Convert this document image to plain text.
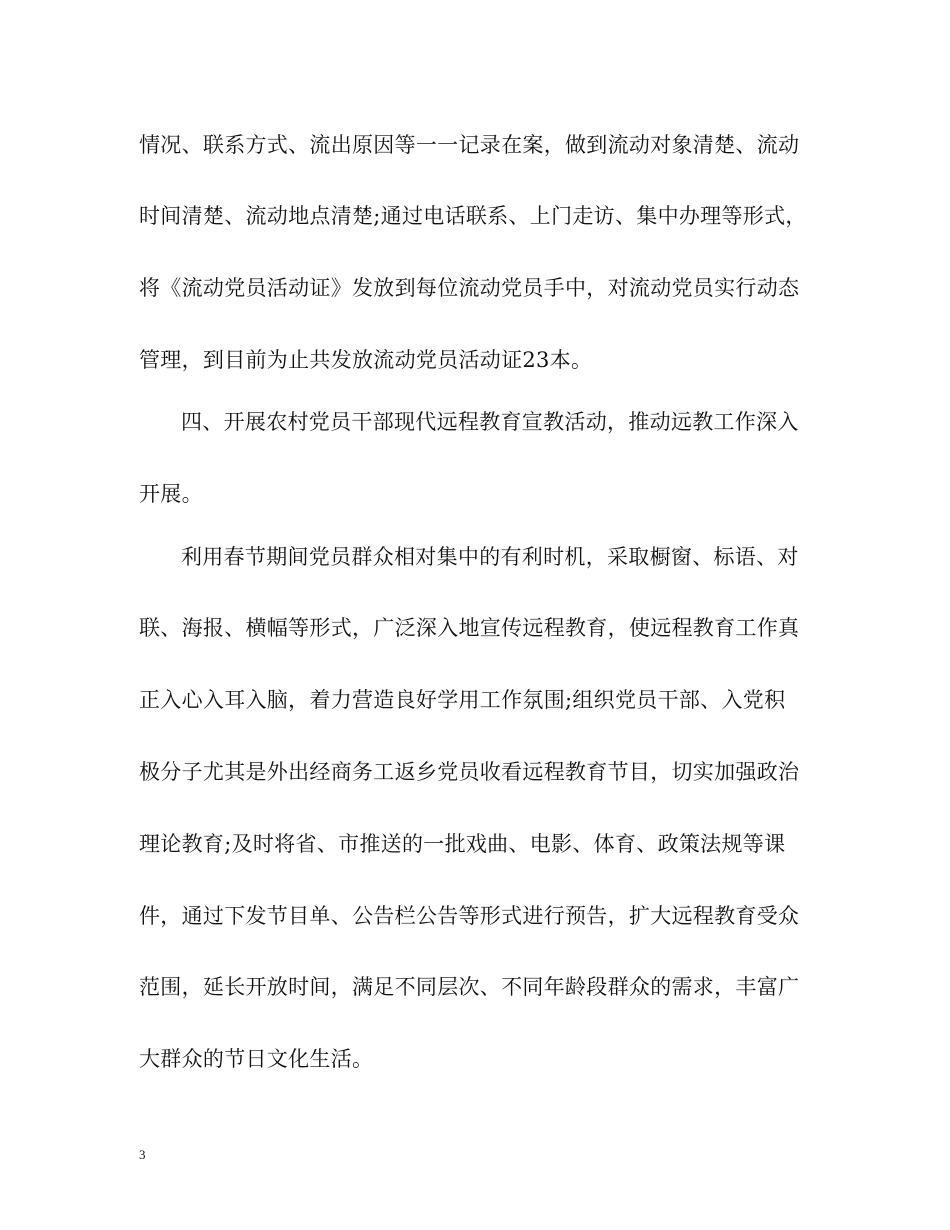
情况、联系方式、流出原因等一一记录在案，做到流动对象清楚、流动
时间清楚、流动地点清楚;通过电话联系、上门走访、集中办理等形式，
将《流动党员活动证》发放到每位流动党员手中，对流动党员实行动态
管理，到目前为止共发放流动党员活动证23本。
四、开展农村党员干部现代远程教育宣教活动，推动远教工作深入
开展。
利用春节期间党员群众相对集中的有利时机，采取橱窗、标语、对
联、海报、横幅等形式，广泛深入地宣传远程教育，使远程教育工作真
正入心入耳入脑，着力营造良好学用工作氛围;组织党员干部、入党积
极分子尤其是外出经商务工返乡党员收看远程教育节目，切实加强政治
理论教育;及时将省、市推送的一批戏曲、电影、体育、政策法规等课
件，通过下发节目单、公告栏公告等形式进行预告，扩大远程教育受众
范围，延长开放时间，满足不同层次、不同年龄段群众的需求，丰富广
大群众的节日文化生活。
3
